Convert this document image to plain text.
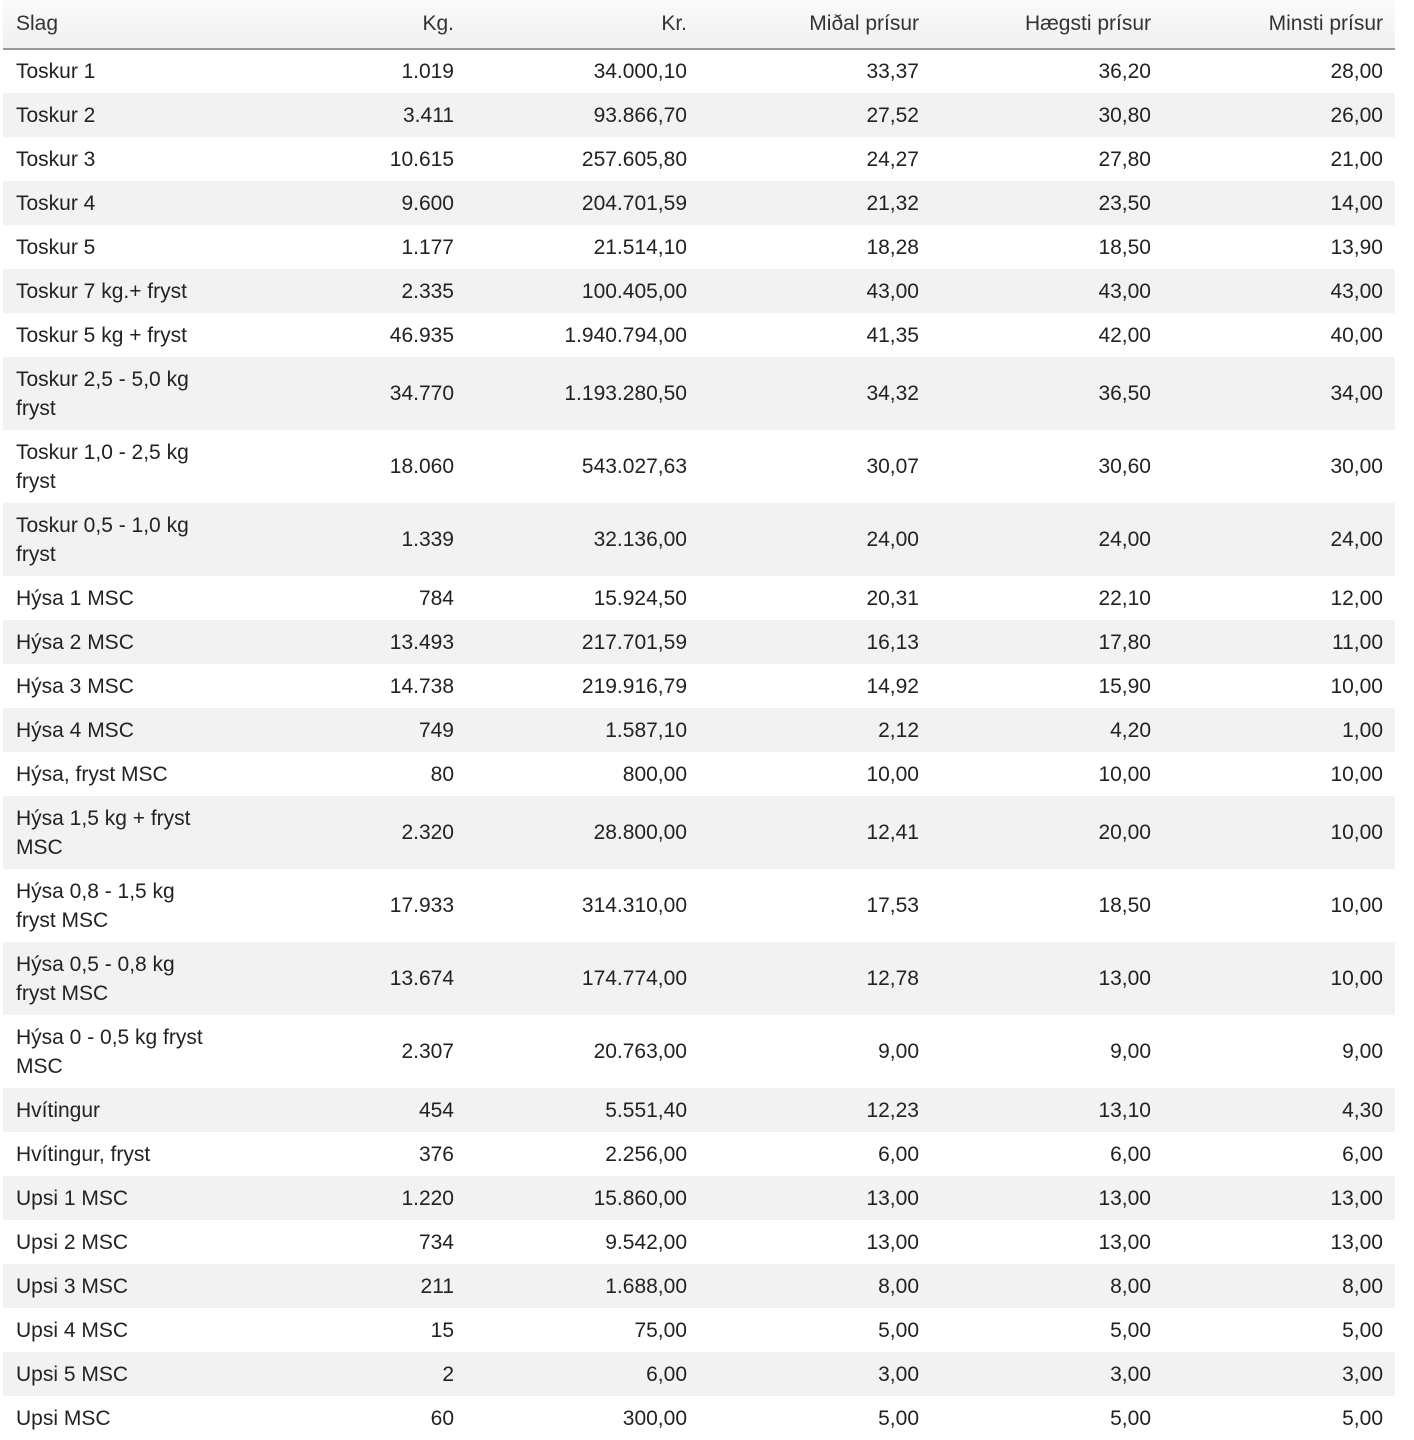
Slag	Kg.	Kr.	Miðal prísur	Hægsti prísur	Minsti prísur

Toskur 1	1.019	34.000,10	33,37	36,20	28,00

Toskur 2	3.411	93.866,70	27,52	30,80	26,00

Toskur 3	10.615	257.605,80	24,27	27,80	21,00

Toskur 4	9.600	204.701,59	21,32	23,50	14,00

Toskur 5	1.177	21.514,10	18,28	18,50	13,90

Toskur 7 kg.+ fryst	2.335	100.405,00	43,00	43,00	43,00

Toskur 5 kg + fryst	46.935	1.940.794,00	41,35	42,00	40,00

Toskur 2,5 - 5,0 kg fryst	34.770	1.193.280,50	34,32	36,50	34,00

Toskur 1,0 - 2,5 kg fryst	18.060	543.027,63	30,07	30,60	30,00

Toskur 0,5 - 1,0 kg fryst	1.339	32.136,00	24,00	24,00	24,00

Hýsa 1 MSC	784	15.924,50	20,31	22,10	12,00

Hýsa 2 MSC	13.493	217.701,59	16,13	17,80	11,00

Hýsa 3 MSC	14.738	219.916,79	14,92	15,90	10,00

Hýsa 4 MSC	749	1.587,10	2,12	4,20	1,00

Hýsa, fryst MSC	80	800,00	10,00	10,00	10,00

Hýsa 1,5 kg + fryst MSC	2.320	28.800,00	12,41	20,00	10,00

Hýsa 0,8 - 1,5 kg fryst MSC	17.933	314.310,00	17,53	18,50	10,00

Hýsa 0,5 - 0,8 kg fryst MSC	13.674	174.774,00	12,78	13,00	10,00

Hýsa 0 - 0,5 kg fryst MSC	2.307	20.763,00	9,00	9,00	9,00

Hvítingur	454	5.551,40	12,23	13,10	4,30

Hvítingur, fryst	376	2.256,00	6,00	6,00	6,00

Upsi 1 MSC	1.220	15.860,00	13,00	13,00	13,00

Upsi 2 MSC	734	9.542,00	13,00	13,00	13,00

Upsi 3 MSC	211	1.688,00	8,00	8,00	8,00

Upsi 4 MSC	15	75,00	5,00	5,00	5,00

Upsi 5 MSC	2	6,00	3,00	3,00	3,00

Upsi MSC	60	300,00	5,00	5,00	5,00
